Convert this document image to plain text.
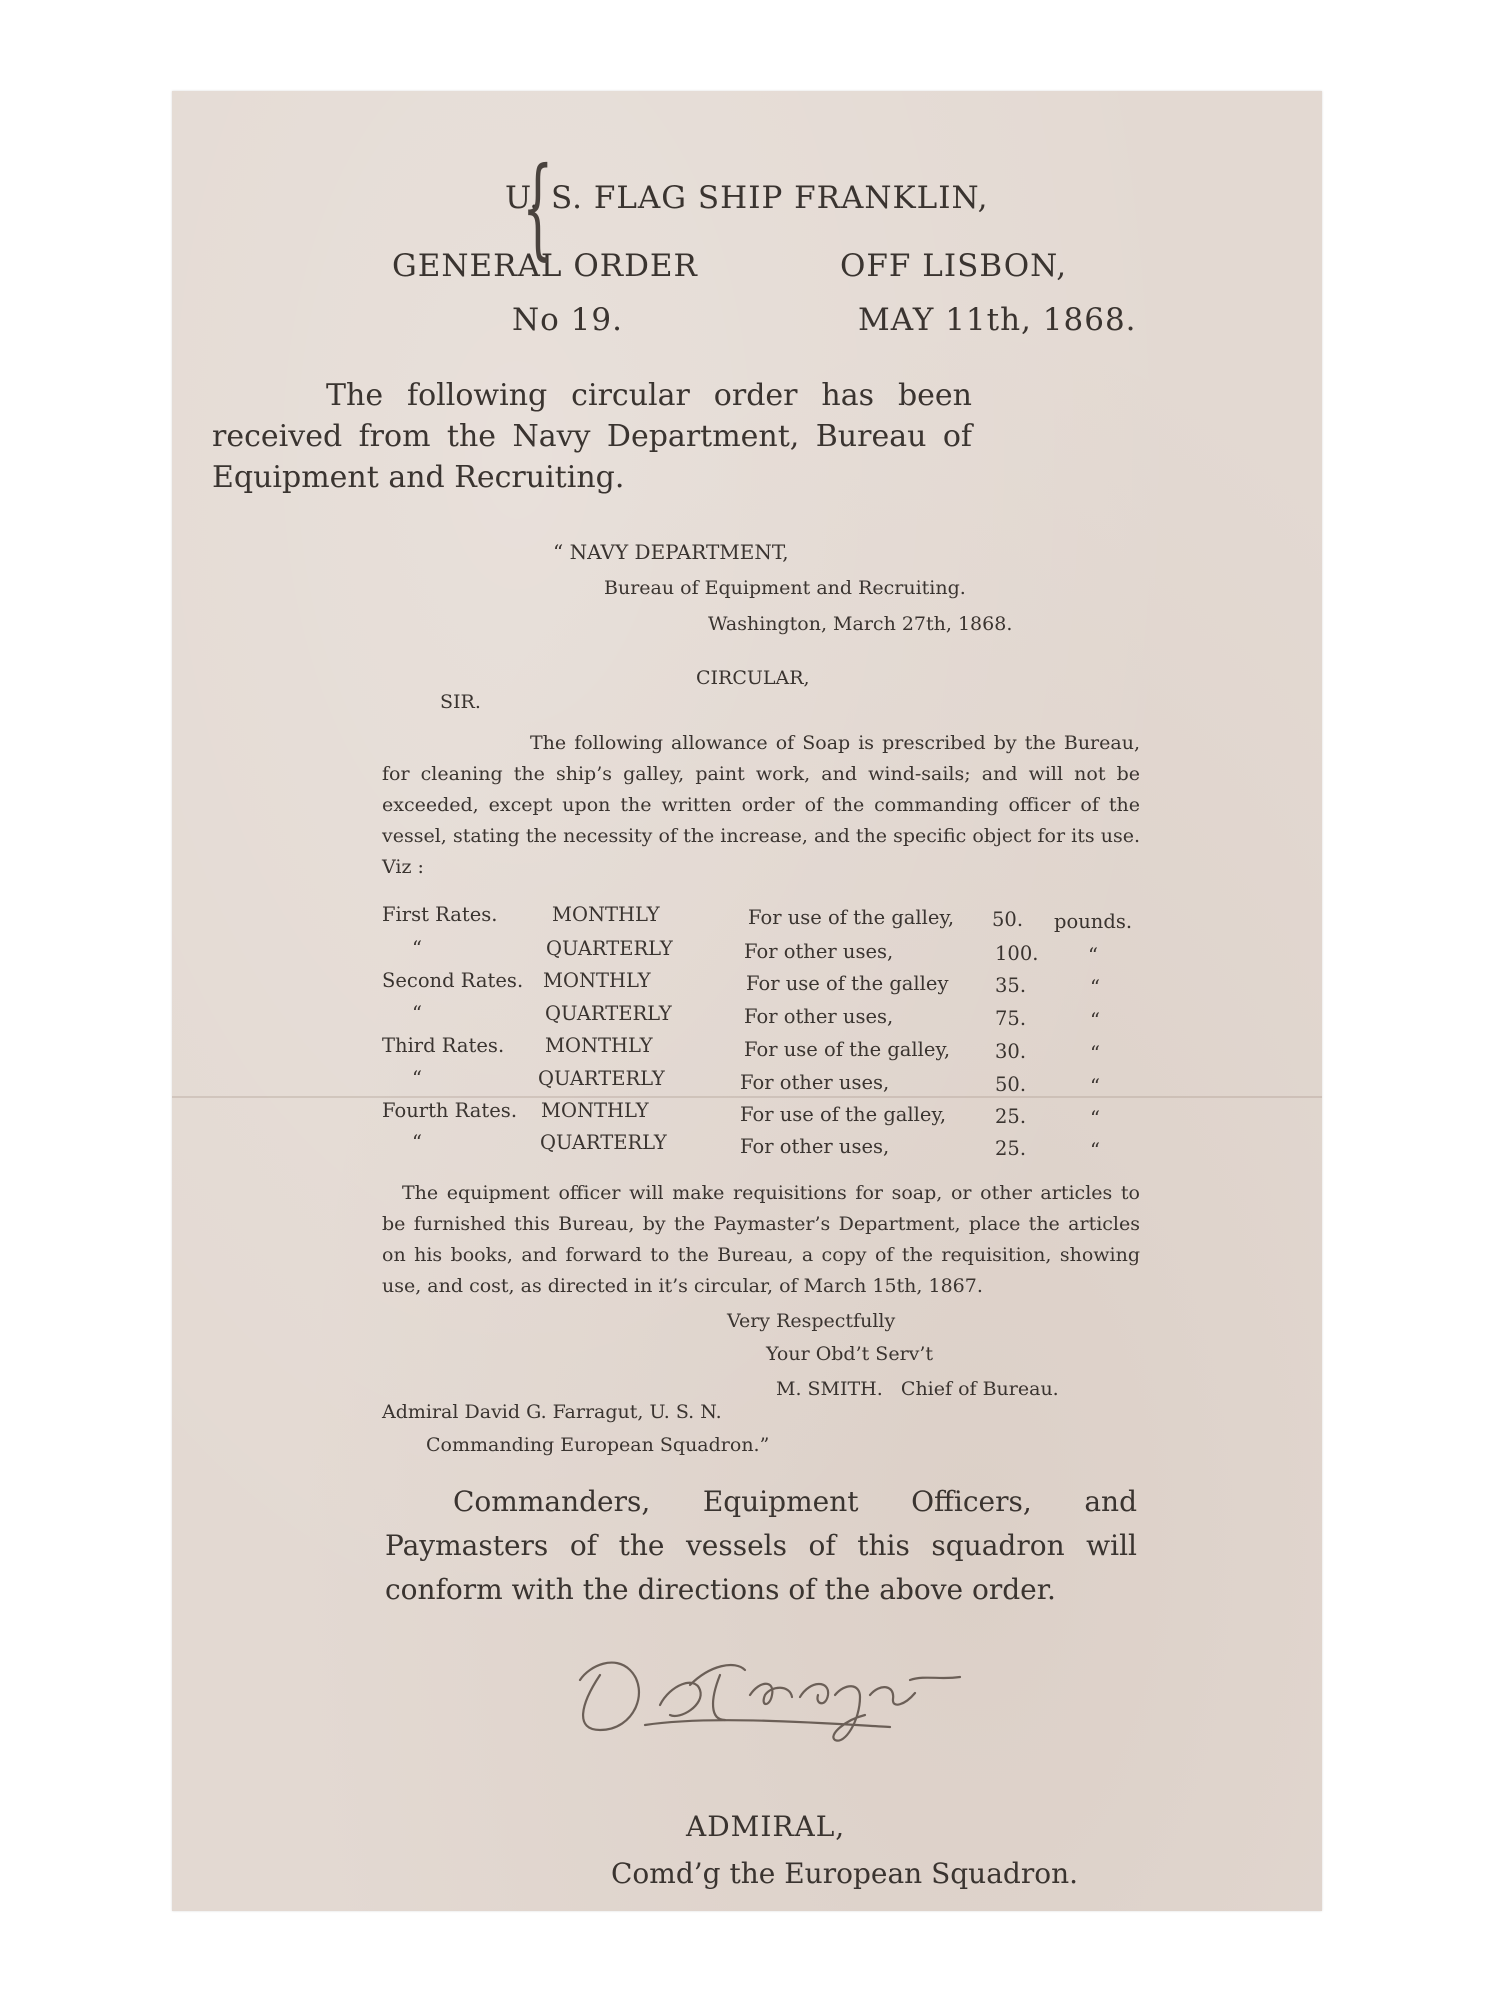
U. S. FLAG SHIP FRANKLIN,
GENERAL ORDER
No 19.
{	OFF LISBON,
MAY 11th, 1868.
The following circular order has been received from the Navy Department, Bureau of Equipment and Recruiting.
“ NAVY DEPARTMENT,
Bureau of Equipment and Recruiting.
Washington, March 27th, 1868.
CIRCULAR,
SIR.
The following allowance of Soap is prescribed by the Bureau, for cleaning the ship’s galley, paint work, and wind-sails; and will not be exceeded, except upon the written order of the commanding officer of the vessel, stating the necessity of the increase, and the specific object for its use. Viz :
First Rates.	MONTHLY	For use of the galley, 50. pounds.
“	QUARTERLY	For other uses,	100.	“
Second Rates. MONTHLY	For use of the galley 35.	“
“	QUARTERLY	For other uses,	75.	“
Third Rates. MONTHLY	For use of the galley, 30.	“
“	QUARTERLY	For other uses,	50.	“
Fourth Rates. MONTHLY	For use of the galley,	25.	“
“	QUARTERLY	For other uses,	25.	“
The equipment officer will make requisitions for soap, or other articles to be furnished this Bureau, by the Paymaster’s Department, place the articles on his books, and forward to the Bureau, a copy of the requisition, showing use, and cost, as directed in it’s circular, of March 15th, 1867.
Very Respectfully
Your Obd’t Serv’t
M. SMITH.   Chief of Bureau.
Admiral David G. Farragut, U. S. N.
Commanding European Squadron.”
Commanders, Equipment Officers, and Paymasters of the vessels of this squadron will conform with the directions of the above order.
ADMIRAL,
Comd’g the European Squadron.
